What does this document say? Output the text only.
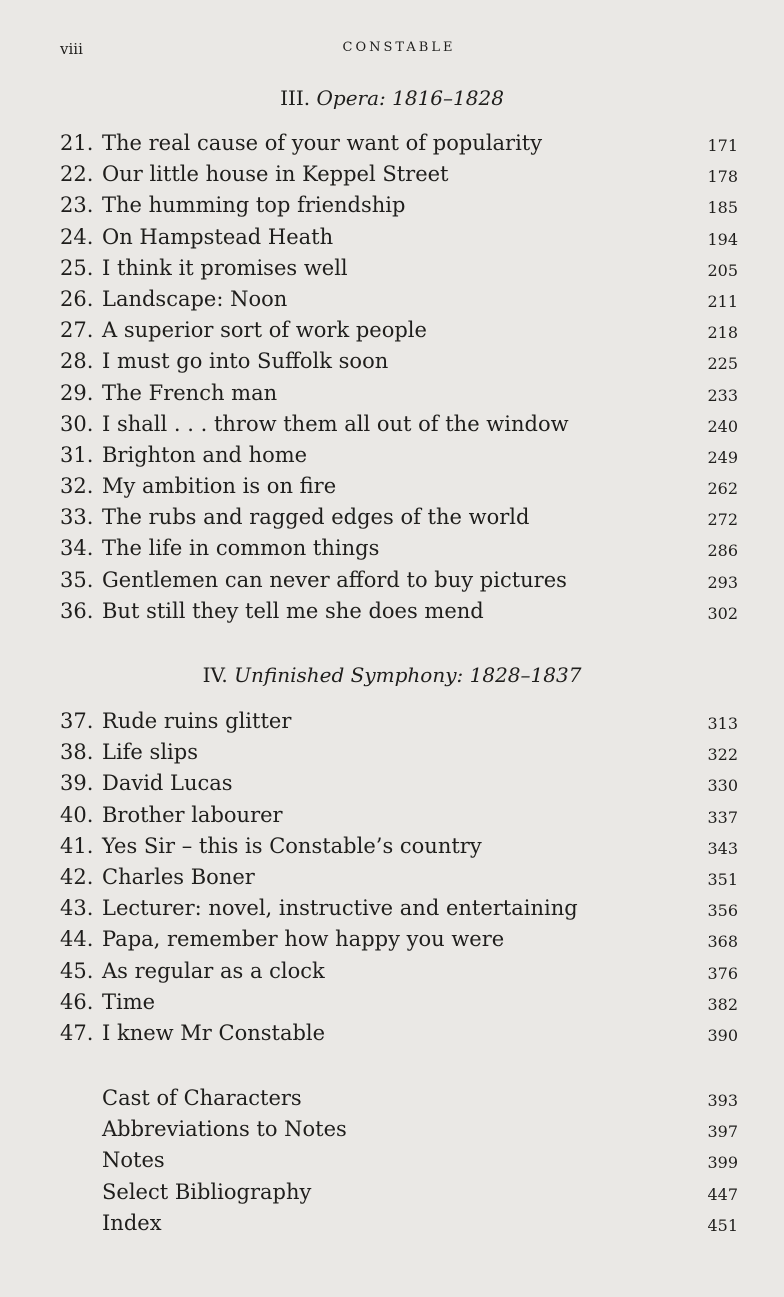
viii	CONSTABLE
III. Opera: 1816–1828
21. The real cause of your want of popularity	171
22. Our little house in Keppel Street	178
23. The humming top friendship	185
24. On Hampstead Heath	194
25. I think it promises well	205
26. Landscape: Noon	211
27. A superior sort of work people	218
28. I must go into Suffolk soon	225
29. The French man	233
30. I shall . . . throw them all out of the window	240
31. Brighton and home	249
32. My ambition is on fire	262
33. The rubs and ragged edges of the world	272
34. The life in common things	286
35. Gentlemen can never afford to buy pictures	293
36. But still they tell me she does mend	302
IV. Unfinished Symphony: 1828–1837
37. Rude ruins glitter	313
38. Life slips	322
39. David Lucas	330
40. Brother labourer	337
41. Yes Sir – this is Constable’s country	343
42. Charles Boner	351
43. Lecturer: novel, instructive and entertaining	356
44. Papa, remember how happy you were	368
45. As regular as a clock	376
46. Time	382
47. I knew Mr Constable	390
Cast of Characters	393
Abbreviations to Notes	397
Notes	399
Select Bibliography	447
Index	451
